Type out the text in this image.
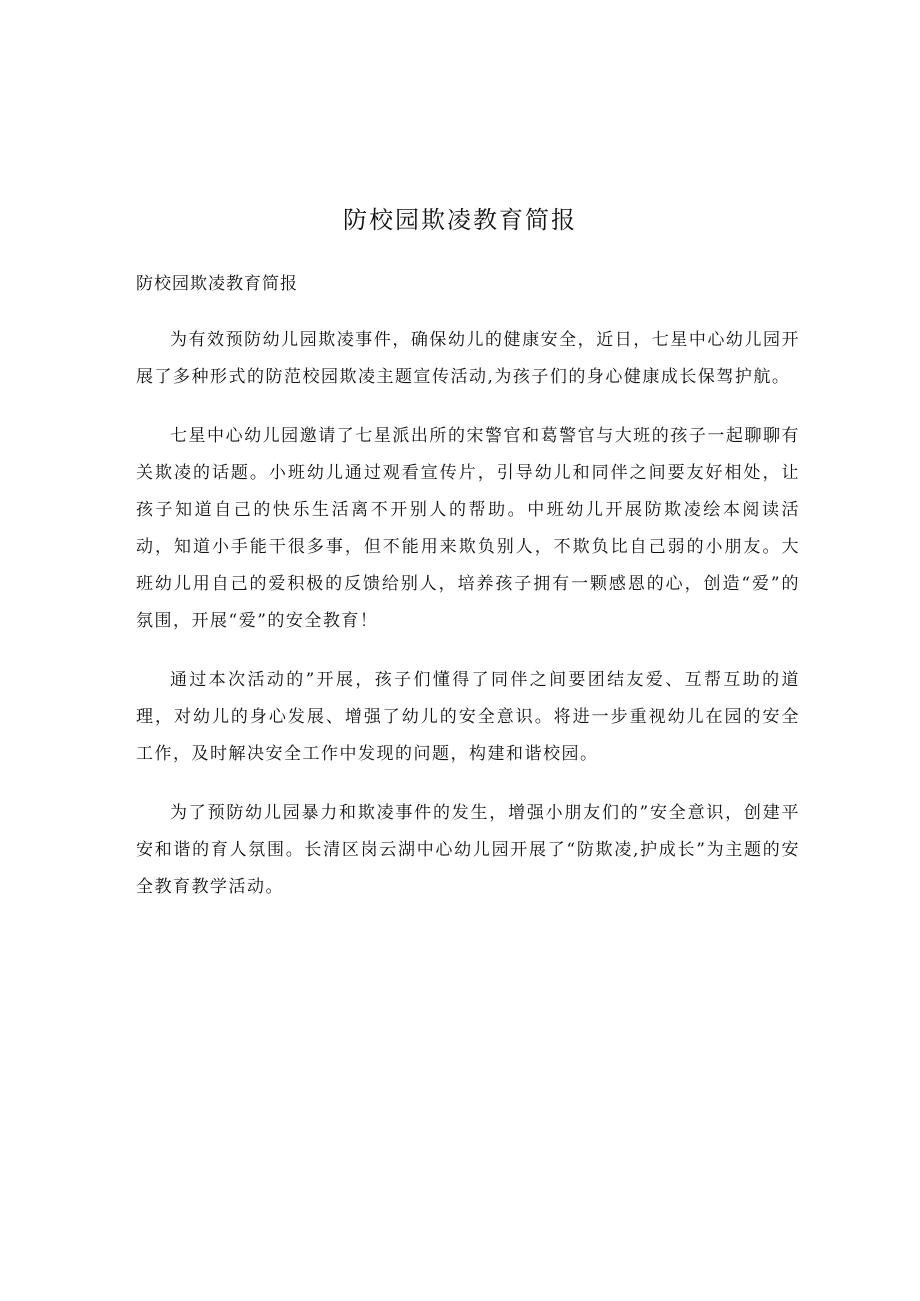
防校园欺凌教育简报

防校园欺凌教育简报

为有效预防幼儿园欺凌事件，确保幼儿的健康安全，近日，七星中心幼儿园开展了多种形式的防范校园欺凌主题宣传活动,为孩子们的身心健康成长保驾护航。

七星中心幼儿园邀请了七星派出所的宋警官和葛警官与大班的孩子一起聊聊有关欺凌的话题。小班幼儿通过观看宣传片，引导幼儿和同伴之间要友好相处，让孩子知道自己的快乐生活离不开别人的帮助。中班幼儿开展防欺凌绘本阅读活动，知道小手能干很多事，但不能用来欺负别人，不欺负比自己弱的小朋友。大班幼儿用自己的爱积极的反馈给别人，培养孩子拥有一颗感恩的心，创造“爱”的氛围，开展“爱”的安全教育！

通过本次活动的”开展，孩子们懂得了同伴之间要团结友爱、互帮互助的道理，对幼儿的身心发展、增强了幼儿的安全意识。将进一步重视幼儿在园的安全工作，及时解决安全工作中发现的问题，构建和谐校园。

为了预防幼儿园暴力和欺凌事件的发生，增强小朋友们的”安全意识，创建平安和谐的育人氛围。长清区岗云湖中心幼儿园开展了“防欺凌,护成长”为主题的安全教育教学活动。
